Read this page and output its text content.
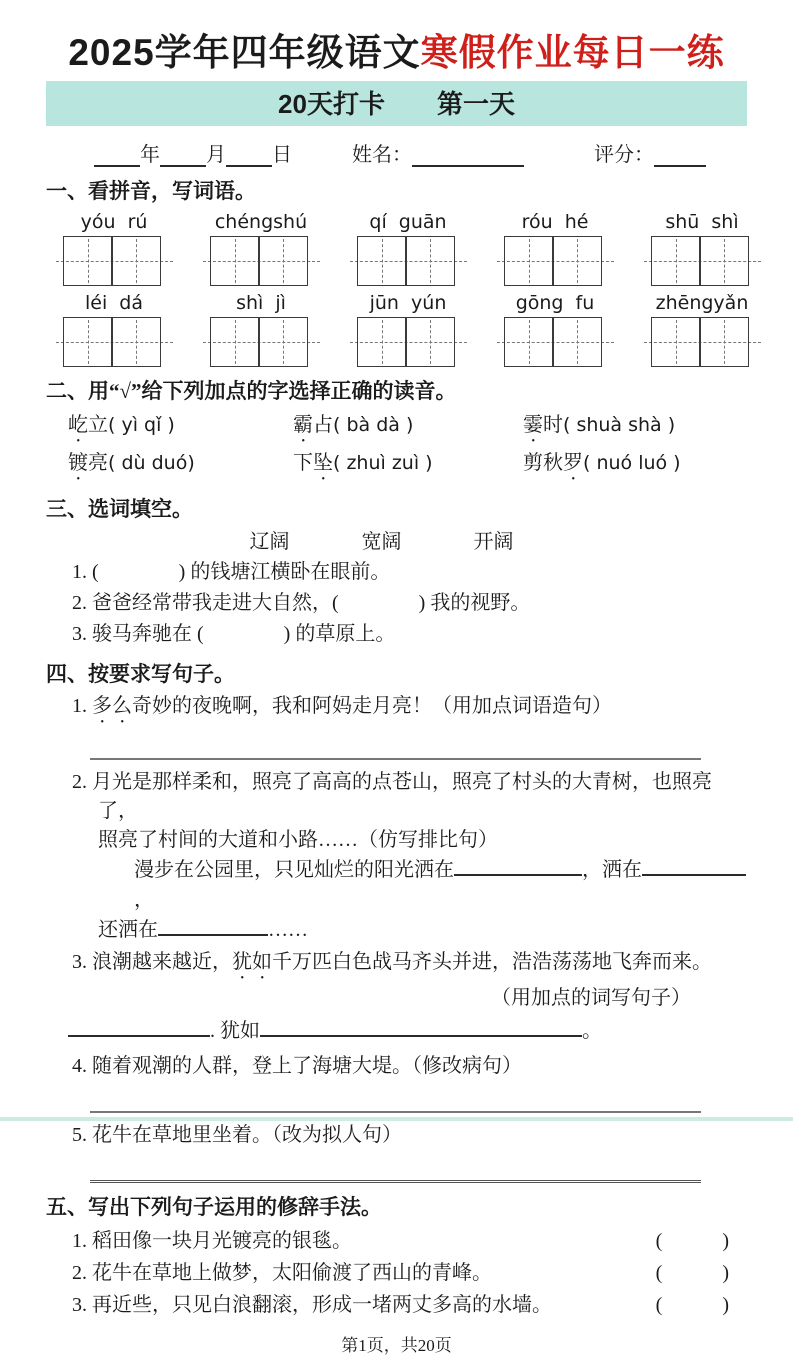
2025学年四年级语文寒假作业每日一练
20天打卡　　第一天
年 月 日	姓名：	评分：
一、看拼音，写词语。
yóu  rú	chéngshú	qí  guān	róu  hé	shū  shì
léi  dá	shì  jì	jūn  yún	gōng  fu	zhēngyǎn
二、用“√”给下列加点的字选择正确的读音。
屹立( yì qǐ )	霸占( bà dà )	霎时( shuà shà )
镀亮( dù duó)	下坠( zhuì zuì )	剪秋罗( nuó luó )
三、选词填空。
辽阔	宽阔	开阔
1. (　　　　) 的钱塘江横卧在眼前。
2. 爸爸经常带我走进大自然，(　　　　) 我的视野。
3. 骏马奔驰在 (　　　　) 的草原上。
四、按要求写句子。
1. 多么奇妙的夜晚啊，我和阿妈走月亮！（用加点词语造句）
2. 月光是那样柔和，照亮了高高的点苍山，照亮了村头的大青树，也照亮了，
照亮了村间的大道和小路……（仿写排比句）
漫步在公园里，只见灿烂的阳光洒在	，洒在，
还洒在	……
3. 浪潮越来越近，犹如千万匹白色战马齐头并进，浩浩荡荡地飞奔而来。
（用加点的词写句子）
. 犹如	。
4. 随着观潮的人群，登上了海塘大堤。（修改病句）
5. 花牛在草地里坐着。（改为拟人句）
五、写出下列句子运用的修辞手法。
1. 稻田像一块月光镀亮的银毯。	(　　　)
2. 花牛在草地上做梦，太阳偷渡了西山的青峰。	(　　　)
3. 再近些，只见白浪翻滚，形成一堵两丈多高的水墙。	(　　　)
第1页，共20页
